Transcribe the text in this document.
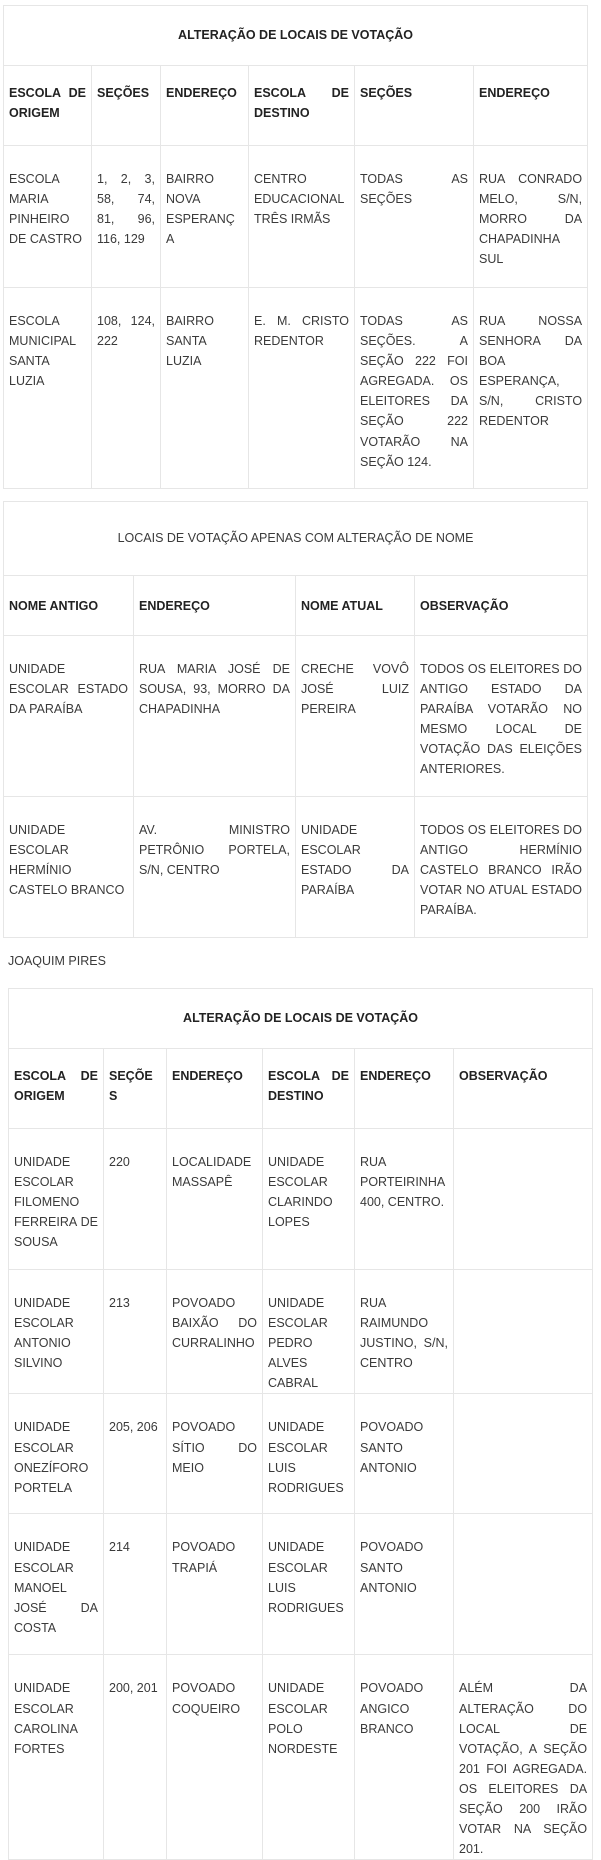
ALTERAÇÃO DE LOCAIS DE VOTAÇÃO					
ESCOLA DE ORIGEM	SEÇÕES	ENDEREÇO	ESCOLA DE DESTINO	SEÇÕES	ENDEREÇO
ESCOLA MARIA PINHEIRO DE CASTRO	1, 2, 3, 58, 74, 81, 96, 116, 129	BAIRRO NOVA ESPERANÇA	CENTRO EDUCACIONAL TRÊS IRMÃS	TODAS AS SEÇÕES	RUA CONRADO MELO, S/N, MORRO DA CHAPADINHA SUL
ESCOLA MUNICIPAL SANTA LUZIA	108, 124, 222	BAIRRO SANTA LUZIA	E. M. CRISTO REDENTOR	TODAS AS SEÇÕES. A SEÇÃO 222 FOI AGREGADA. OS ELEITORES DA SEÇÃO 222 VOTARÃO NA SEÇÃO 124.	RUA NOSSA SENHORA DA BOA ESPERANÇA, S/N, CRISTO REDENTOR
LOCAIS DE VOTAÇÃO APENAS COM ALTERAÇÃO DE NOME			
NOME ANTIGO	ENDEREÇO	NOME ATUAL	OBSERVAÇÃO
UNIDADE ESCOLAR ESTADO DA PARAÍBA	RUA MARIA JOSÉ DE SOUSA, 93, MORRO DA CHAPADINHA	CRECHE VOVÔ JOSÉ LUIZ PEREIRA	TODOS OS ELEITORES DO ANTIGO ESTADO DA PARAÍBA VOTARÃO NO MESMO LOCAL DE VOTAÇÃO DAS ELEIÇÕES ANTERIORES.
UNIDADE ESCOLAR HERMÍNIO CASTELO BRANCO	AV. MINISTRO PETRÔNIO PORTELA, S/N, CENTRO	UNIDADE ESCOLAR ESTADO DA PARAÍBA	TODOS OS ELEITORES DO ANTIGO HERMÍNIO CASTELO BRANCO IRÃO VOTAR NO ATUAL ESTADO PARAÍBA.
JOAQUIM PIRES
ALTERAÇÃO DE LOCAIS DE VOTAÇÃO					
ESCOLA DE ORIGEM	SEÇÕES	ENDEREÇO	ESCOLA DE DESTINO	ENDEREÇO	OBSERVAÇÃO
UNIDADE ESCOLAR FILOMENO FERREIRA DE SOUSA	220	LOCALIDADE MASSAPÊ	UNIDADE ESCOLAR CLARINDO LOPES	RUA PORTEIRINHA 400, CENTRO.	
UNIDADE ESCOLAR ANTONIO SILVINO	213	POVOADO BAIXÃO DO CURRALINHO	UNIDADE ESCOLAR PEDRO ALVES CABRAL	RUA RAIMUNDO JUSTINO, S/N, CENTRO	
UNIDADE ESCOLAR ONEZÍFORO PORTELA	205, 206	POVOADO SÍTIO DO MEIO	UNIDADE ESCOLAR LUIS RODRIGUES	POVOADO SANTO ANTONIO	
UNIDADE ESCOLAR MANOEL JOSÉ DA COSTA	214	POVOADO TRAPIÁ	UNIDADE ESCOLAR LUIS RODRIGUES	POVOADO SANTO ANTONIO	
UNIDADE ESCOLAR CAROLINA FORTES	200, 201	POVOADO COQUEIRO	UNIDADE ESCOLAR POLO NORDESTE	POVOADO ANGICO BRANCO	ALÉM DA ALTERAÇÃO DO LOCAL DE VOTAÇÃO, A SEÇÃO 201 FOI AGREGADA. OS ELEITORES DA SEÇÃO 200 IRÃO VOTAR NA SEÇÃO 201.
